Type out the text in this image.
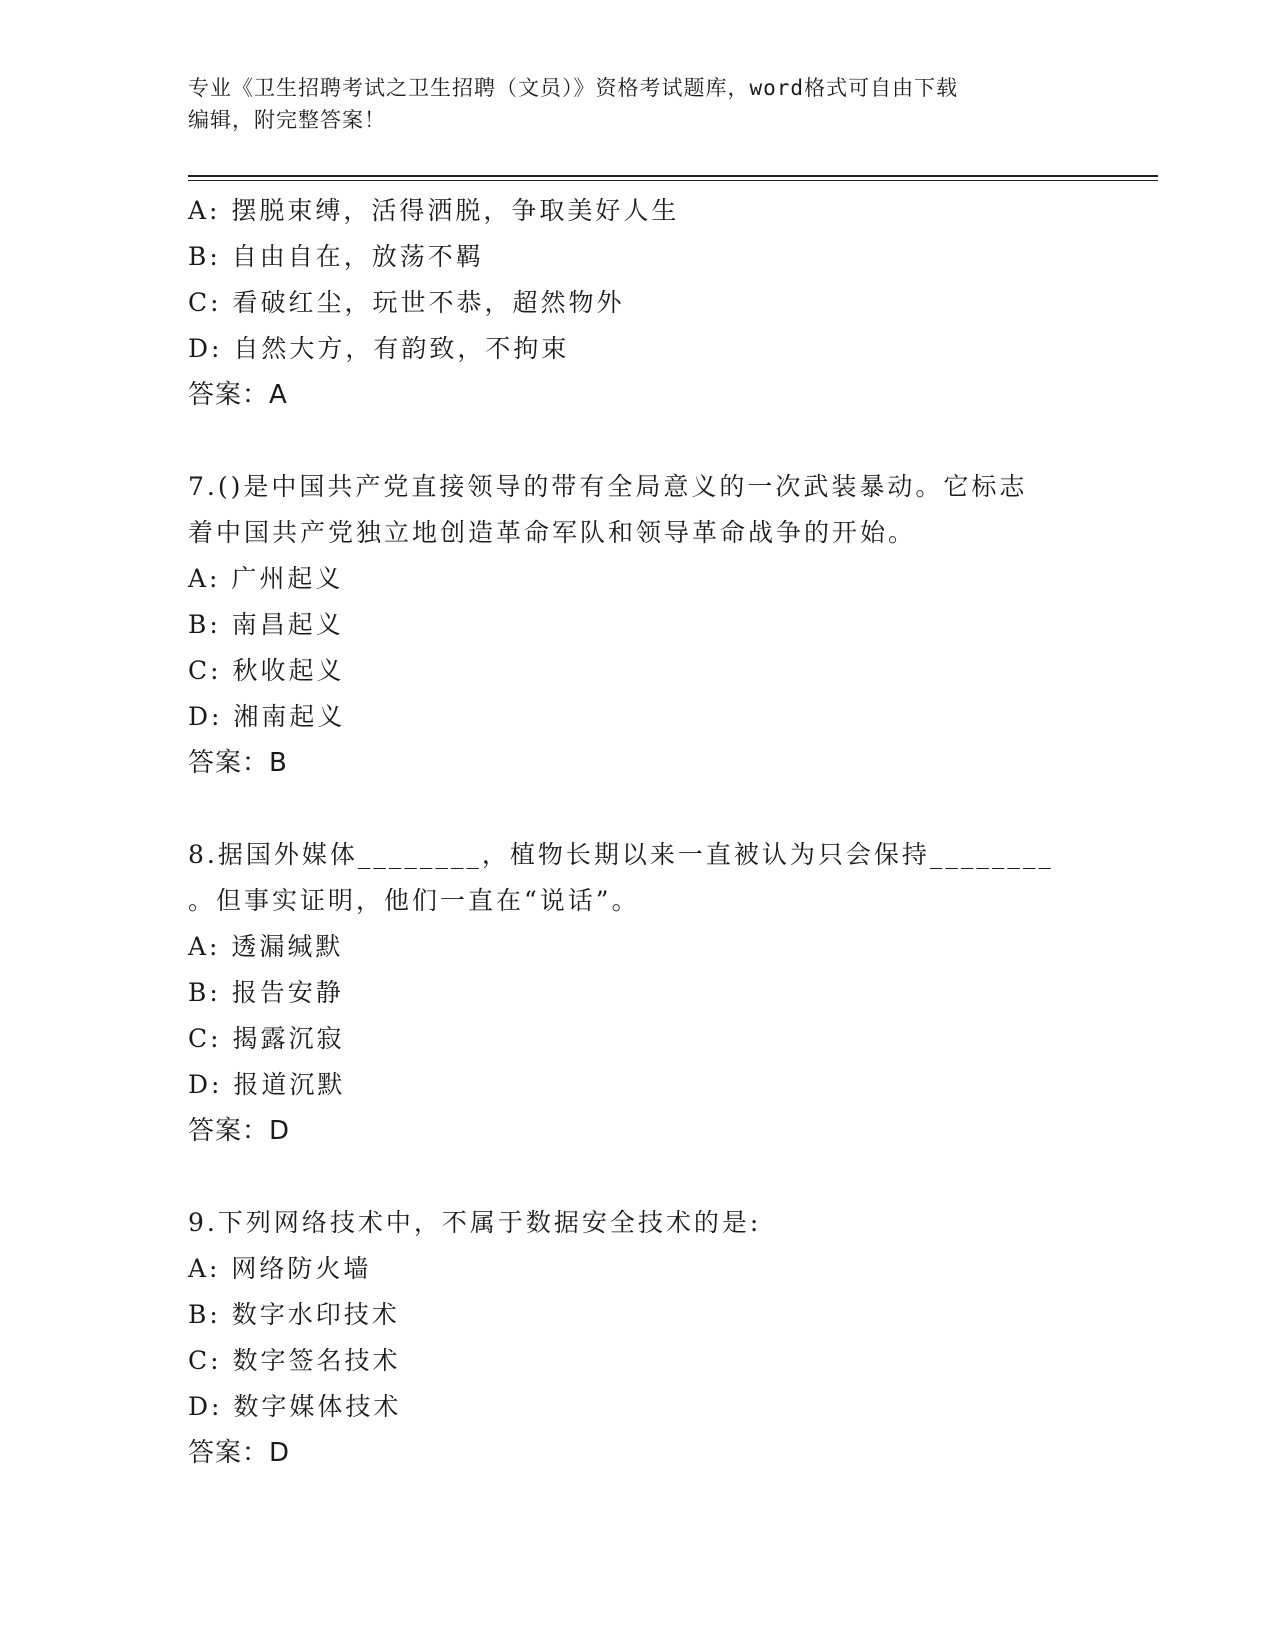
专业《卫生招聘考试之卫生招聘（文员）》资格考试题库，word格式可自由下载
编辑，附完整答案！
A: 摆脱束缚，活得洒脱，争取美好人生
B: 自由自在，放荡不羁
C: 看破红尘，玩世不恭，超然物外
D: 自然大方，有韵致，不拘束
答案：A
7.()是中国共产党直接领导的带有全局意义的一次武装暴动。它标志
着中国共产党独立地创造革命军队和领导革命战争的开始。
A: 广州起义
B: 南昌起义
C: 秋收起义
D: 湘南起义
答案：B
8.据国外媒体________，植物长期以来一直被认为只会保持________
。但事实证明，他们一直在“说话”。
A: 透漏缄默
B: 报告安静
C: 揭露沉寂
D: 报道沉默
答案：D
9.下列网络技术中，不属于数据安全技术的是:
A: 网络防火墙
B: 数字水印技术
C: 数字签名技术
D: 数字媒体技术
答案：D
